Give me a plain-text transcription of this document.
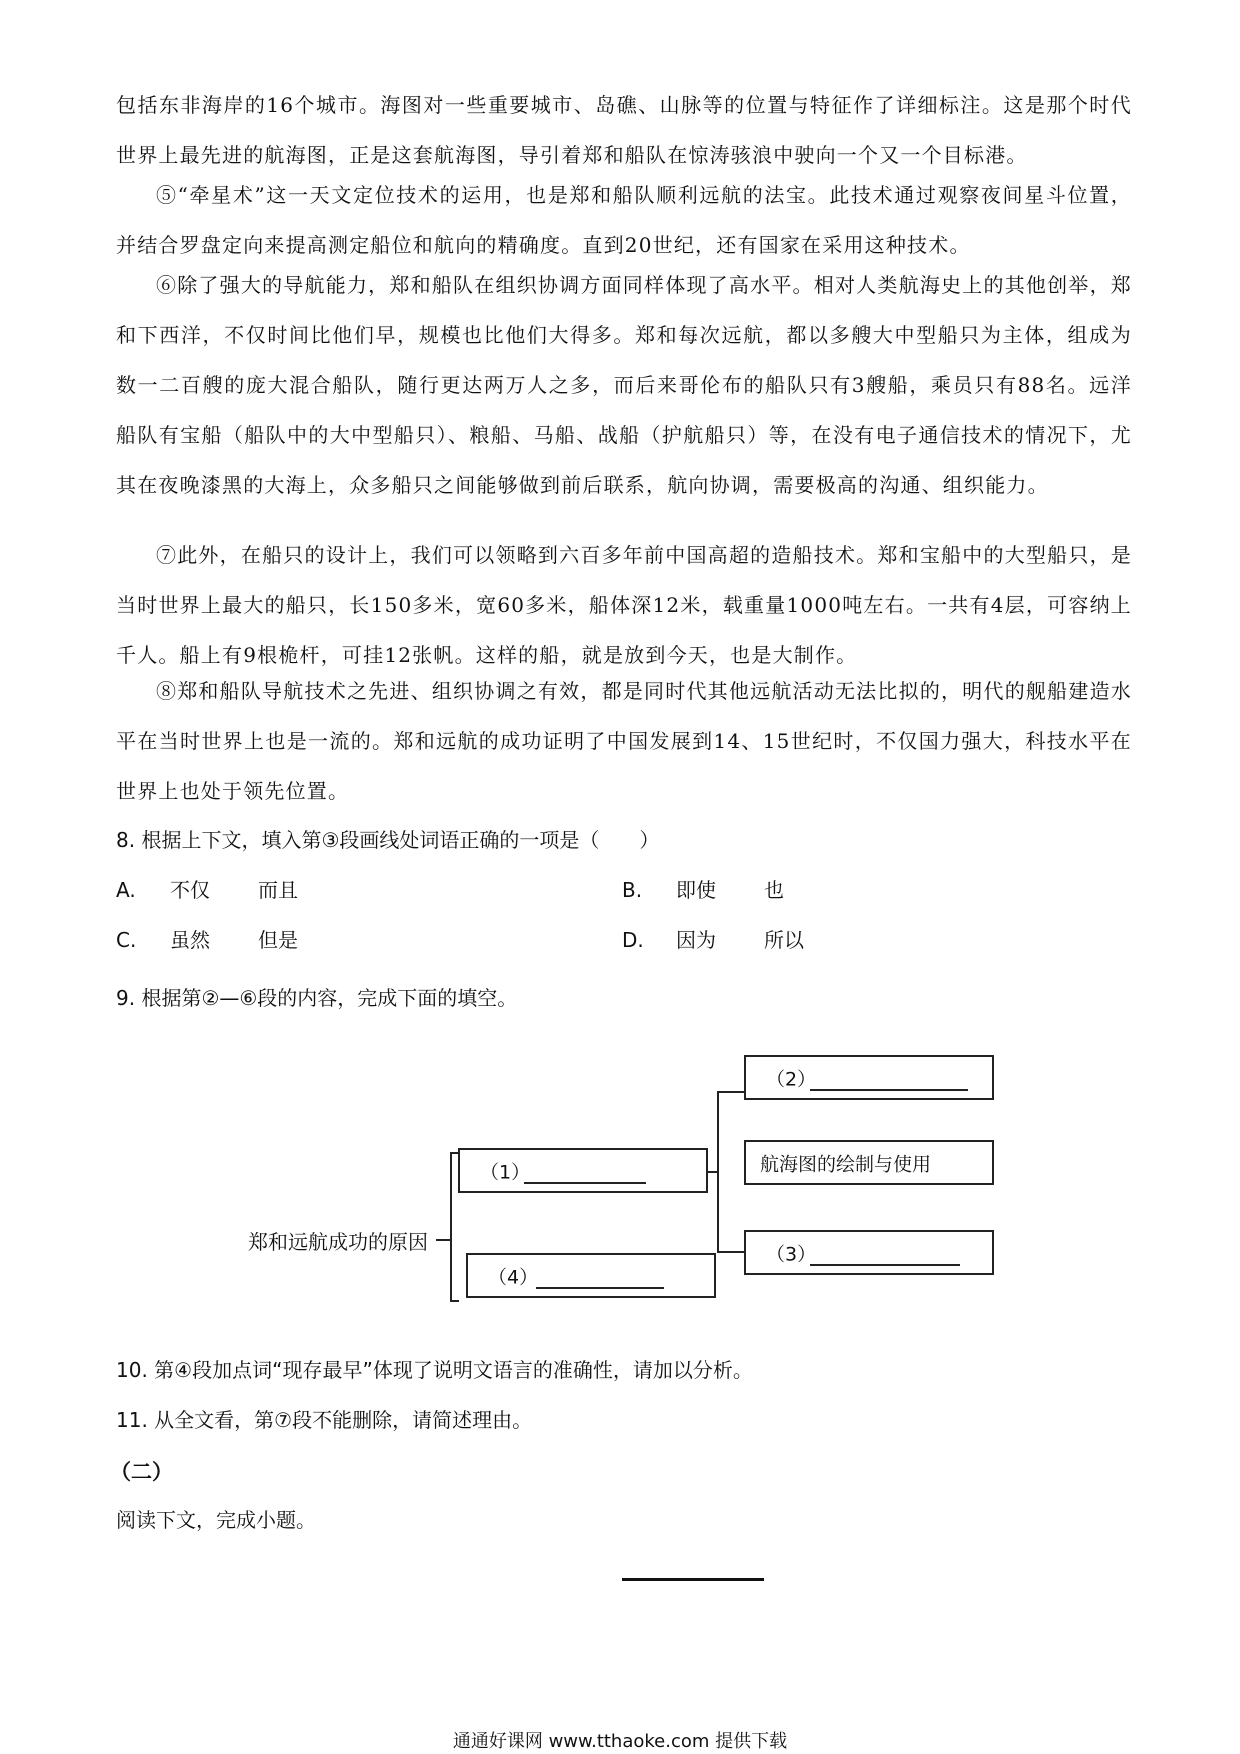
包括东非海岸的16个城市。海图对一些重要城市、岛礁、山脉等的位置与特征作了详细标注。这是那个时代世界上最先进的航海图，正是这套航海图，导引着郑和船队在惊涛骇浪中驶向一个又一个目标港。

⑤“牵星术”这一天文定位技术的运用，也是郑和船队顺利远航的法宝。此技术通过观察夜间星斗位置，并结合罗盘定向来提高测定船位和航向的精确度。直到20世纪，还有国家在采用这种技术。

⑥除了强大的导航能力，郑和船队在组织协调方面同样体现了高水平。相对人类航海史上的其他创举，郑和下西洋，不仅时间比他们早，规模也比他们大得多。郑和每次远航，都以多艘大中型船只为主体，组成为数一二百艘的庞大混合船队，随行更达两万人之多，而后来哥伦布的船队只有3艘船，乘员只有88名。远洋船队有宝船（船队中的大中型船只）、粮船、马船、战船（护航船只）等，在没有电子通信技术的情况下，尤其在夜晚漆黑的大海上，众多船只之间能够做到前后联系，航向协调，需要极高的沟通、组织能力。

⑦此外，在船只的设计上，我们可以领略到六百多年前中国高超的造船技术。郑和宝船中的大型船只，是当时世界上最大的船只，长150多米，宽60多米，船体深12米，载重量1000吨左右。一共有4层，可容纳上千人。船上有9根桅杆，可挂12张帆。这样的船，就是放到今天，也是大制作。

⑧郑和船队导航技术之先进、组织协调之有效，都是同时代其他远航活动无法比拟的，明代的舰船建造水平在当时世界上也是一流的。郑和远航的成功证明了中国发展到14、15世纪时，不仅国力强大，科技水平在世界上也处于领先位置。

8. 根据上下文，填入第③段画线处词语正确的一项是（　　）
A. 不仅 而且	B. 即使 也
C. 虽然 但是	D. 因为 所以
9. 根据第②—⑥段的内容，完成下面的填空。
郑和远航成功的原因
（1）
（4）
（2）
航海图的绘制与使用
（3）
10. 第④段加点词“现存最早”体现了说明文语言的准确性，请加以分析。
11. 从全文看，第⑦段不能删除，请简述理由。
（二）
阅读下文，完成小题。
通通好课网 www.tthaoke.com 提供下载
